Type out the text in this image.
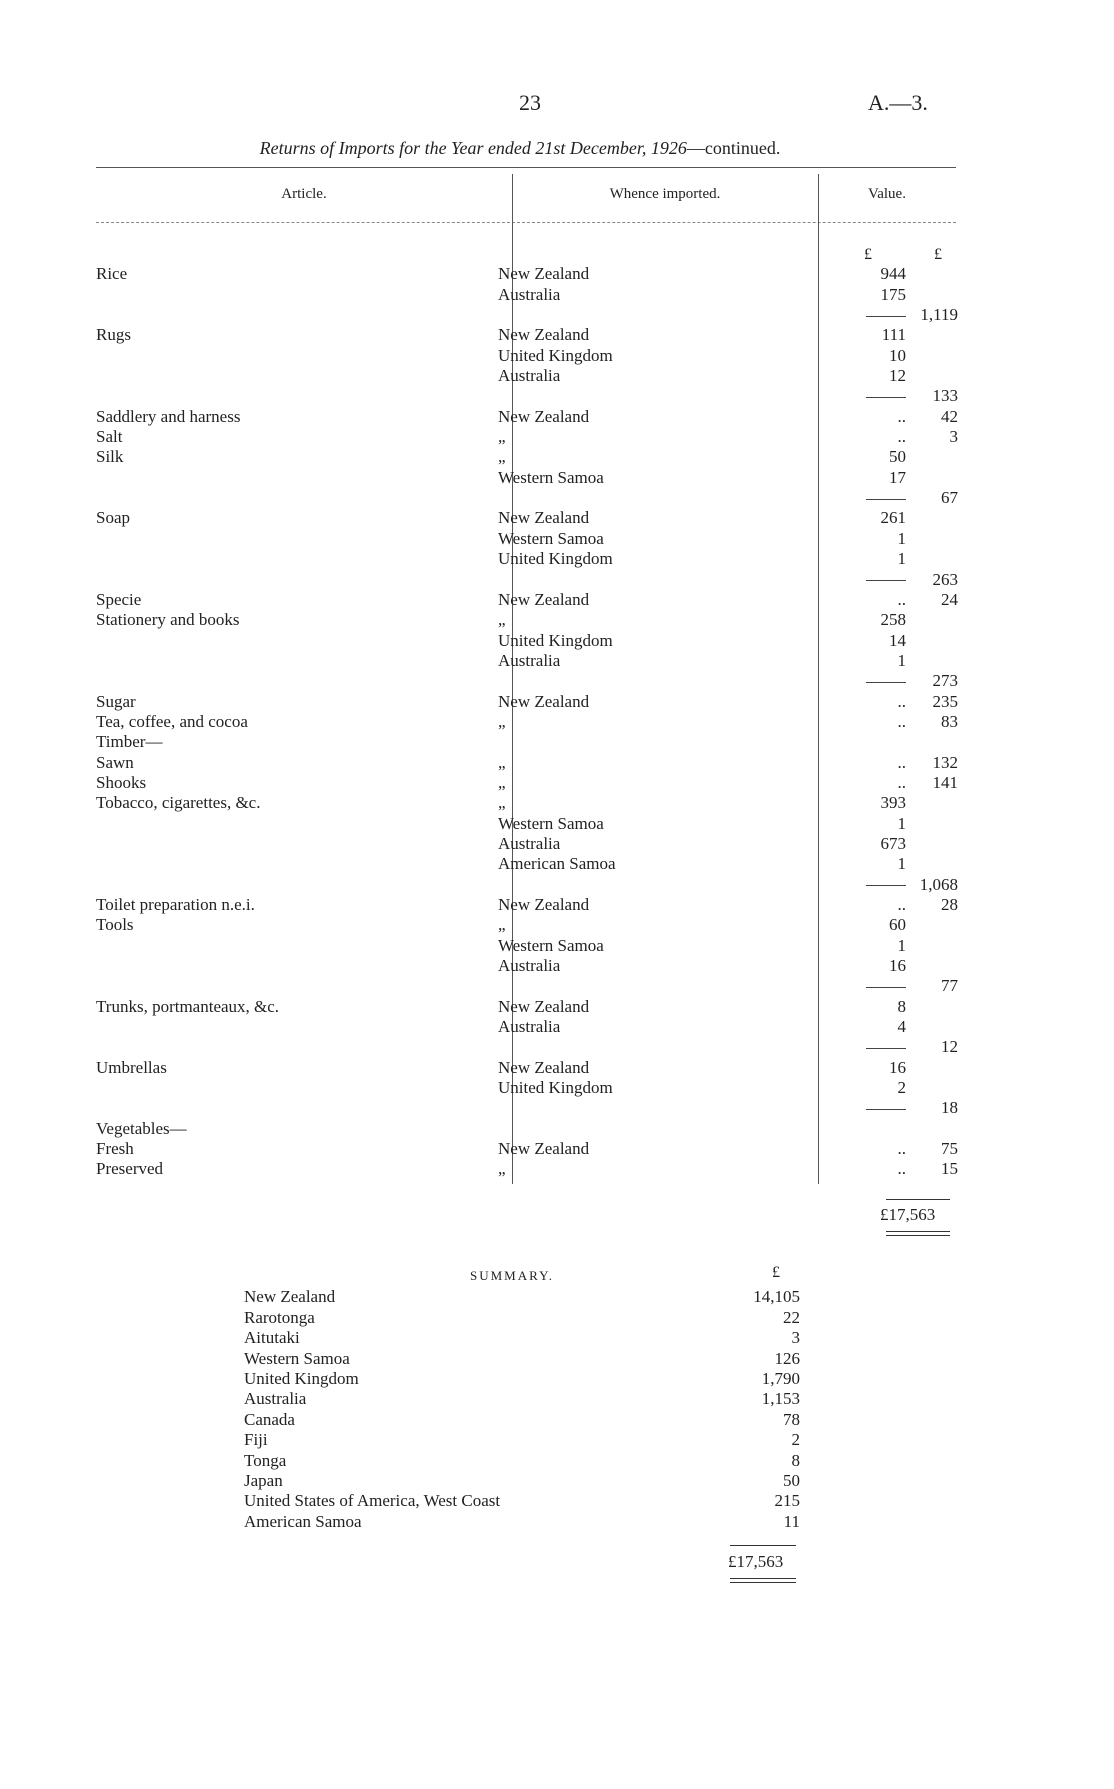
23	A.—3.
Returns of Imports for the Year ended 21st December, 1926—continued.
Article.	Whence imported.	Value.
£	£
Rice	New Zealand	944	
	Australia	175	
			1,119
Rugs	New Zealand	111	
	United Kingdom	10	
	Australia	12	
			133
Saddlery and harness	New Zealand	..	42
Salt	„	..	3
Silk	„	50	
	Western Samoa	17	
			67
Soap	New Zealand	261	
	Western Samoa	1	
	United Kingdom	1	
			263
Specie	New Zealand	..	24
Stationery and books	„	258	
	United Kingdom	14	
	Australia	1	
			273
Sugar	New Zealand	..	235
Tea, coffee, and cocoa	„	..	83
Timber—			
Sawn	„	..	132
Shooks	„	..	141
Tobacco, cigarettes, &c.	„	393	
	Western Samoa	1	
	Australia	673	
	American Samoa	1	
			1,068
Toilet preparation n.e.i.	New Zealand	..	28
Tools	„	60	
	Western Samoa	1	
	Australia	16	
			77
Trunks, portmanteaux, &c.	New Zealand	8	
	Australia	4	
			12
Umbrellas	New Zealand	16	
	United Kingdom	2	
			18
Vegetables—			
Fresh	New Zealand	..	75
Preserved	„	..	15
£17,563
SUMMARY.	£
New Zealand	14,105
Rarotonga	22
Aitutaki	3
Western Samoa	126
United Kingdom	1,790
Australia	1,153
Canada	78
Fiji	2
Tonga	8
Japan	50
United States of America, West Coast	215
American Samoa	11
£17,563
